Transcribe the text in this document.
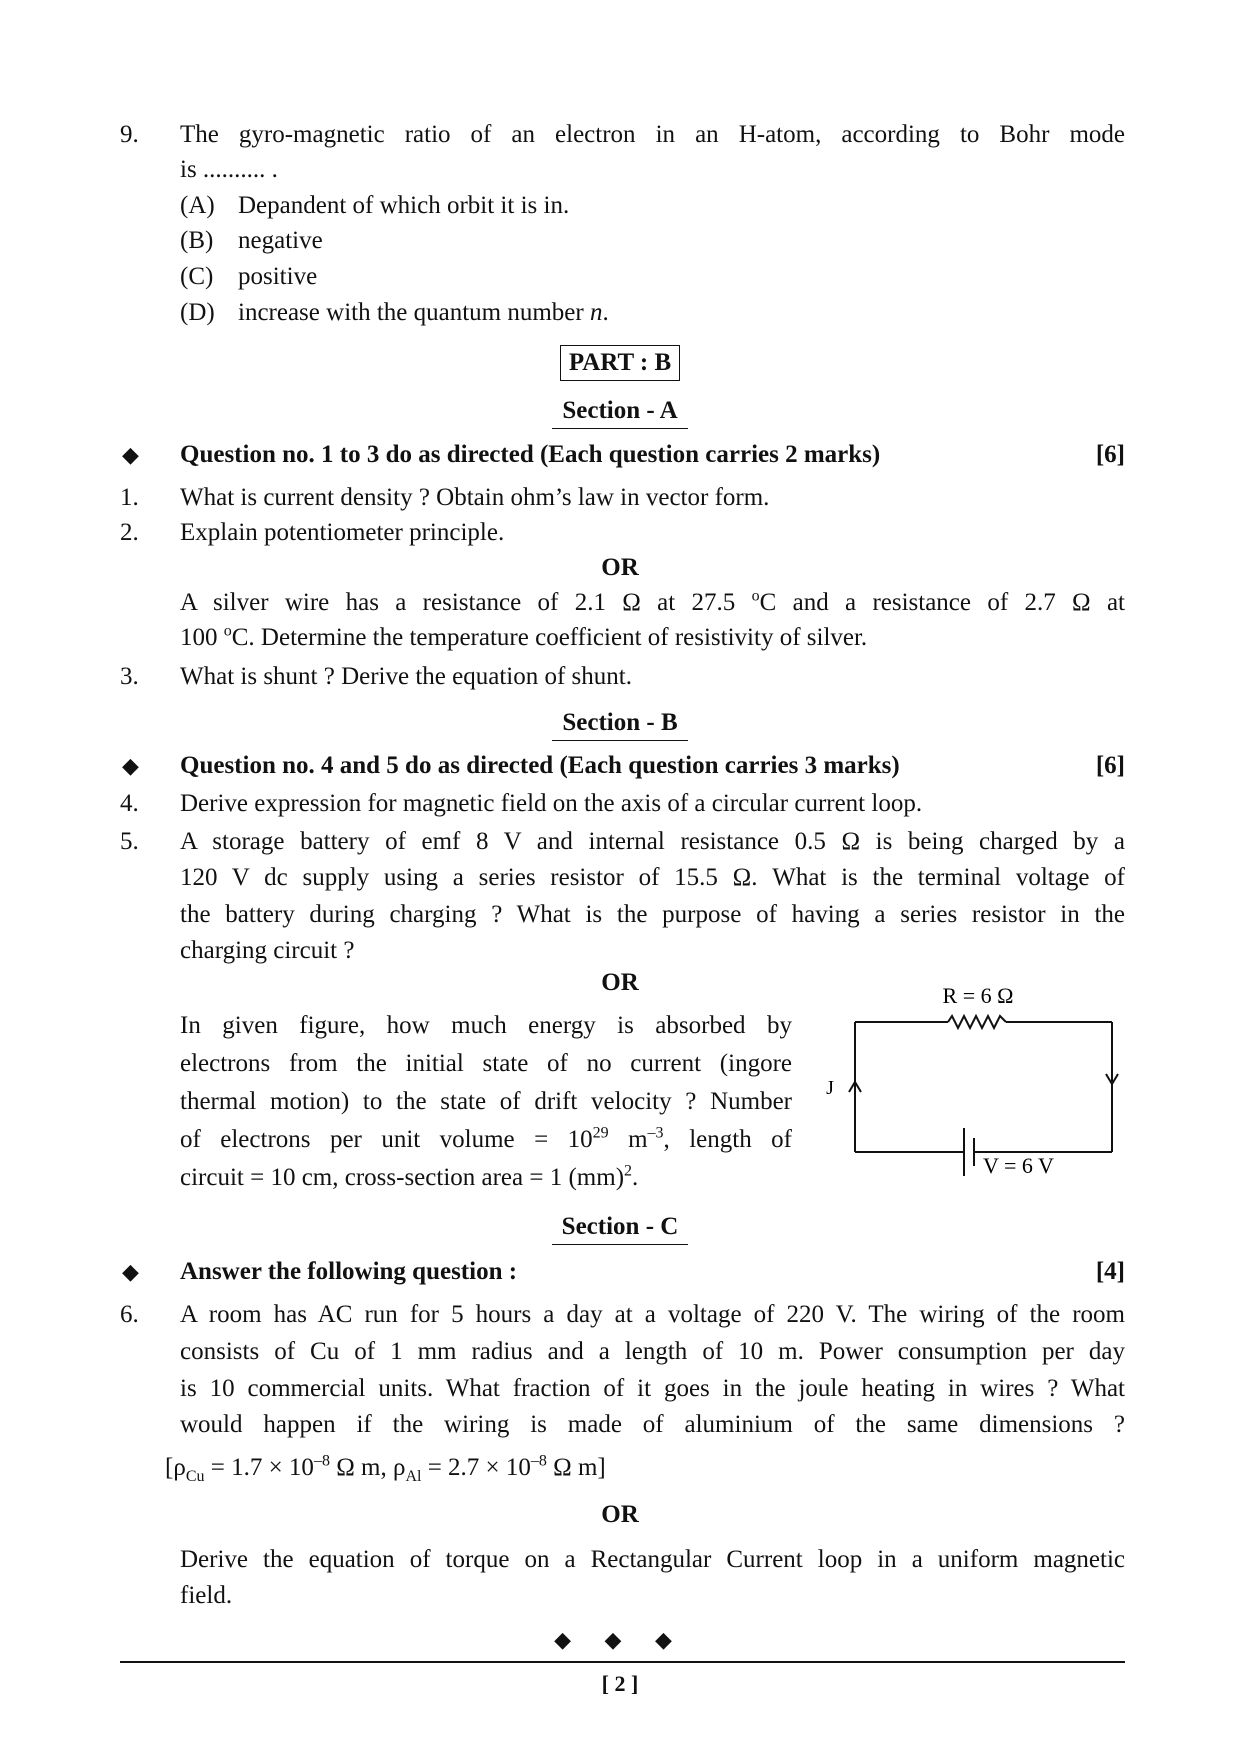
9.	The gyro-magnetic ratio of an electron in an H-atom, according to Bohr mode
is .......... .
(A) Depandent of which orbit it is in.
(B) negative
(C) positive
(D) increase with the quantum number n.
PART : B
Section - A
◆ Question no. 1 to 3 do as directed (Each question carries 2 marks)	[6]
1.	What is current density ? Obtain ohm’s law in vector form.
2.	Explain potentiometer principle.
OR
A silver wire has a resistance of 2.1 Ω at 27.5 $^o$C and a resistance of 2.7 Ω at
100 $^o$C. Determine the temperature coefficient of resistivity of silver.
3.	What is shunt ? Derive the equation of shunt.
Section - B
◆ Question no. 4 and 5 do as directed (Each question carries 3 marks)	[6]
4.	Derive expression for magnetic field on the axis of a circular current loop.
5.	A storage battery of emf 8 V and internal resistance 0.5 Ω is being charged by a
120 V dc supply using a series resistor of 15.5 Ω. What is the terminal voltage of
the battery during charging ? What is the purpose of having a series resistor in the
charging circuit ?
OR
In given figure, how much energy is absorbed by
electrons from the initial state of no current (ingore
thermal motion) to the state of drift velocity ? Number
of electrons per unit volume = $10^{29}$ $m^{-3}$, length of
circuit = 10 cm, cross-section area = 1 (mm)$^2$.
R = 6 Ω
J
V = 6 V
Section - C
◆ Answer the following question :	[4]
6.	A room has AC run for 5 hours a day at a voltage of 220 V. The wiring of the room
consists of Cu of 1 mm radius and a length of 10 m. Power consumption per day
is 10 commercial units. What fraction of it goes in the joule heating in wires ? What
would happen if the wiring is made of aluminium of the same dimensions ?
[$\rho_{Cu} = 1.7 \times 10^{-8}$ Ω m, $\rho_{Al} = 2.7 \times 10^{-8}$ Ω m]
OR
Derive the equation of torque on a Rectangular Current loop in a uniform magnetic
field.
◆ ◆ ◆
[ 2 ]
